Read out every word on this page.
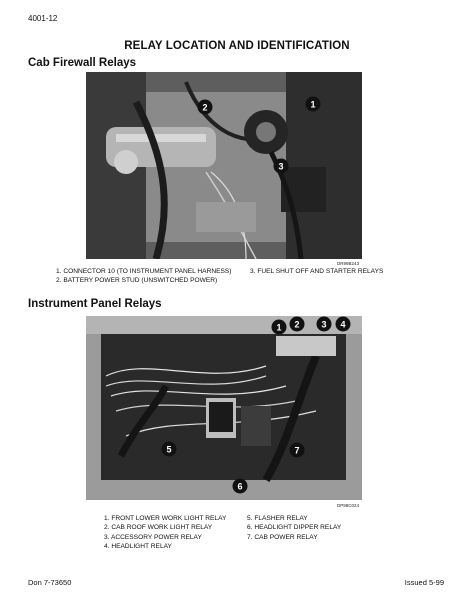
4001-12
RELAY LOCATION AND IDENTIFICATION
Cab Firewall Relays
1
2
3
DR99B243
1. CONNECTOR 10 (TO INSTRUMENT PANEL HARNESS)	3. FUEL SHUT OFF AND STARTER RELAYS
2. BATTERY POWER STUD (UNSWITCHED POWER)
Instrument Panel Relays
1 2 3 4
5
6
7
DP98C024
1. FRONT LOWER WORK LIGHT RELAY
2. CAB ROOF WORK LIGHT RELAY
3. ACCESSORY POWER RELAY
4. HEADLIGHT RELAY
5. FLASHER RELAY
6. HEADLIGHT DIPPER RELAY
7. CAB POWER RELAY
Don 7-73650	Issued 5-99
